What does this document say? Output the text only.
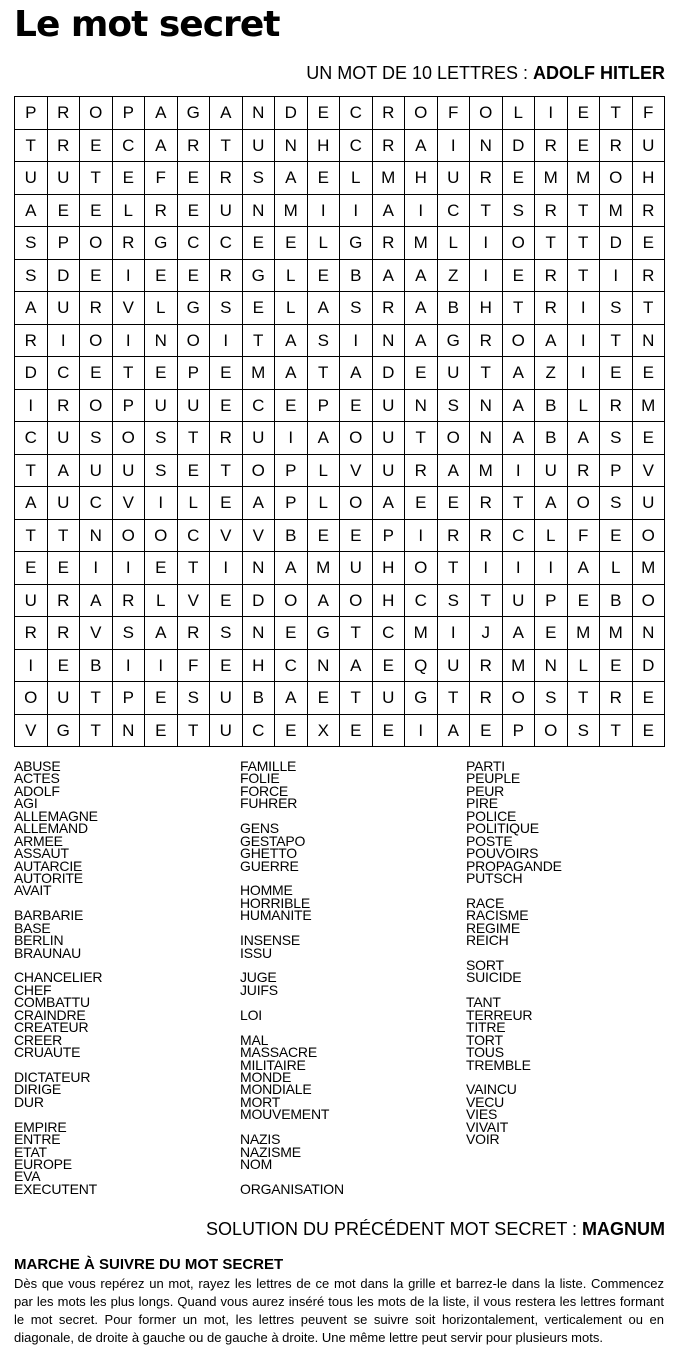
Le mot secret
UN MOT DE 10 LETTRES : ADOLF HITLER
P	R	O	P	A	G	A	N	D	E	C	R	O	F	O	L	I	E	T	F
T	R	E	C	A	R	T	U	N	H	C	R	A	I	N	D	R	E	R	U
U	U	T	E	F	E	R	S	A	E	L	M	H	U	R	E	M	M	O	H
A	E	E	L	R	E	U	N	M	I	I	A	I	C	T	S	R	T	M	R
S	P	O	R	G	C	C	E	E	L	G	R	M	L	I	O	T	T	D	E
S	D	E	I	E	E	R	G	L	E	B	A	A	Z	I	E	R	T	I	R
A	U	R	V	L	G	S	E	L	A	S	R	A	B	H	T	R	I	S	T
R	I	O	I	N	O	I	T	A	S	I	N	A	G	R	O	A	I	T	N
D	C	E	T	E	P	E	M	A	T	A	D	E	U	T	A	Z	I	E	E
I	R	O	P	U	U	E	C	E	P	E	U	N	S	N	A	B	L	R	M
C	U	S	O	S	T	R	U	I	A	O	U	T	O	N	A	B	A	S	E
T	A	U	U	S	E	T	O	P	L	V	U	R	A	M	I	U	R	P	V
A	U	C	V	I	L	E	A	P	L	O	A	E	E	R	T	A	O	S	U
T	T	N	O	O	C	V	V	B	E	E	P	I	R	R	C	L	F	E	O
E	E	I	I	E	T	I	N	A	M	U	H	O	T	I	I	I	A	L	M
U	R	A	R	L	V	E	D	O	A	O	H	C	S	T	U	P	E	B	O
R	R	V	S	A	R	S	N	E	G	T	C	M	I	J	A	E	M	M	N
I	E	B	I	I	F	E	H	C	N	A	E	Q	U	R	M	N	L	E	D
O	U	T	P	E	S	U	B	A	E	T	U	G	T	R	O	S	T	R	E
V	G	T	N	E	T	U	C	E	X	E	E	I	A	E	P	O	S	T	E
ABUSE
ACTES
ADOLF
AGI
ALLEMAGNE
ALLEMAND
ARMEE
ASSAUT
AUTARCIE
AUTORITE
AVAIT
BARBARIE
BASE
BERLIN
BRAUNAU
CHANCELIER
CHEF
COMBATTU
CRAINDRE
CREATEUR
CREER
CRUAUTE
DICTATEUR
DIRIGE
DUR
EMPIRE
ENTRE
ETAT
EUROPE
EVA
EXECUTENT
FAMILLE
FOLIE
FORCE
FUHRER
GENS
GESTAPO
GHETTO
GUERRE
HOMME
HORRIBLE
HUMANITE
INSENSE
ISSU
JUGE
JUIFS
LOI
MAL
MASSACRE
MILITAIRE
MONDE
MONDIALE
MORT
MOUVEMENT
NAZIS
NAZISME
NOM
ORGANISATION
PARTI
PEUPLE
PEUR
PIRE
POLICE
POLITIQUE
POSTE
POUVOIRS
PROPAGANDE
PUTSCH
RACE
RACISME
REGIME
REICH
SORT
SUICIDE
TANT
TERREUR
TITRE
TORT
TOUS
TREMBLE
VAINCU
VECU
VIES
VIVAIT
VOIR
SOLUTION DU PRÉCÉDENT MOT SECRET : MAGNUM
MARCHE À SUIVRE DU MOT SECRET

Dès que vous repérez un mot, rayez les lettres de ce mot dans la grille et barrez-le dans la liste. Commencez par les mots les plus longs. Quand vous aurez inséré tous les mots de la liste, il vous restera les lettres formant le mot secret. Pour former un mot, les lettres peuvent se suivre soit horizontalement, verticalement ou en diagonale, de droite à gauche ou de gauche à droite. Une même lettre peut servir pour plusieurs mots.
